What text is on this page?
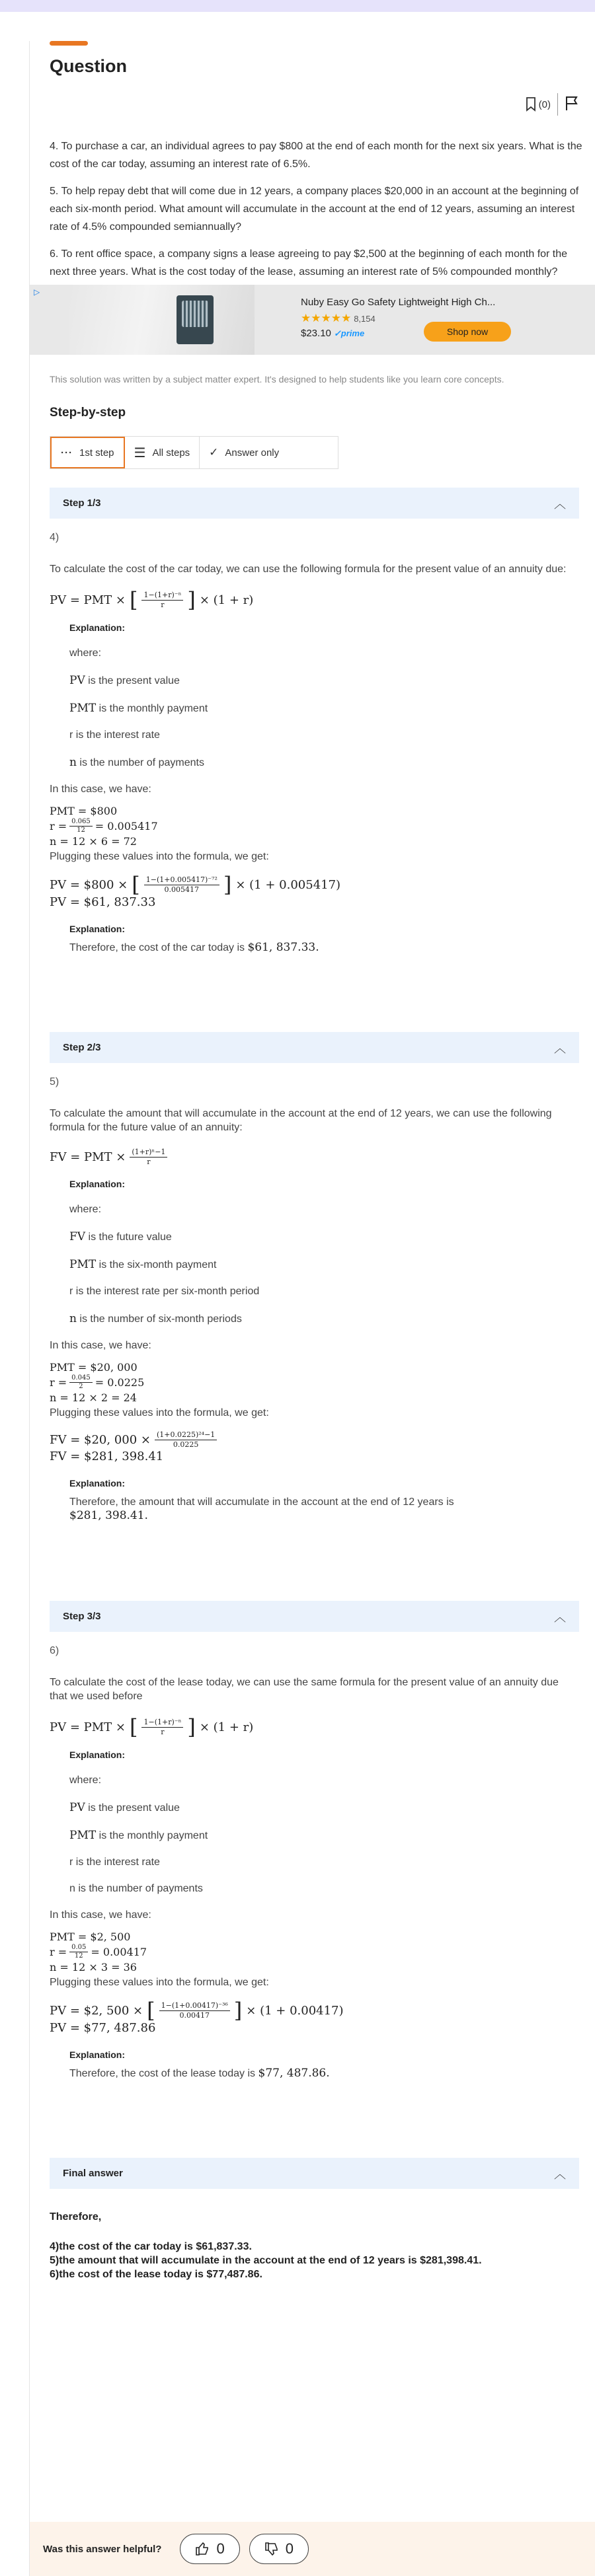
Question
(0)

4. To purchase a car, an individual agrees to pay $800 at the end of each month for the next six years. What is the cost of the car today, assuming an interest rate of 6.5%.

5. To help repay debt that will come due in 12 years, a company places $20,000 in an account at the beginning of each six-month period. What amount will accumulate in the account at the end of 12 years, assuming an interest rate of 4.5% compounded semiannually?

6. To rent office space, a company signs a lease agreeing to pay $2,500 at the beginning of each month for the next three years. What is the cost today of the lease, assuming an interest rate of 5% compounded monthly?

▷
Nuby Easy Go Safety Lightweight High Ch...
★★★★★ 8,154
$23.10 ✓prime	Shop now
This solution was written by a subject matter expert. It's designed to help students like you learn core concepts.
Step-by-step
··· 1st step ☰ All steps ✓ Answer only
Step 1/3	︿
4)
To calculate the cost of the car today, we can use the following formula for the present value of an annuity due:
PV = PMT × [ $\frac{\text{1−(1+r)⁻ⁿ}}{r}$ ] × (1 + r)
Explanation:
where:
PV is the present value
PMT is the monthly payment
r is the interest rate
n is the number of payments
In this case, we have:
PMT = $800
$r = \frac{0.065}{12} = 0.005417$
n = 12 × 6 = 72
Plugging these values into the formula, we get:
PV = $800 × [ $\frac{\text{1−(1+0.005417)⁻⁷²}}{0.005417}$ ] × (1 + 0.005417)
PV = $61, 837.33
Explanation:
Therefore, the cost of the car today is $61, 837.33.
Step 2/3	︿
5)
To calculate the amount that will accumulate in the account at the end of 12 years, we can use the following formula for the future value of an annuity:
FV = PMT × $\frac{\text{(1+r)ⁿ−1}}{r}$
Explanation:
where:
FV is the future value
PMT is the six-month payment
r is the interest rate per six-month period
n is the number of six-month periods
In this case, we have:
PMT = $20, 000
$r = \frac{0.045}{2} = 0.0225$
n = 12 × 2 = 24
Plugging these values into the formula, we get:
FV = $20, $000 \times \frac{\text{(1+0.0225)²⁴−1}}{0.0225}$
FV = $281, 398.41
Explanation:
Therefore, the amount that will accumulate in the account at the end of 12 years is
$281, 398.41.
Step 3/3	︿
6)
To calculate the cost of the lease today, we can use the same formula for the present value of an annuity due that we used before
PV = PMT × [ $\frac{\text{1−(1+r)⁻ⁿ}}{r}$ ] × (1 + r)
Explanation:
where:
PV is the present value
PMT is the monthly payment
r is the interest rate
n is the number of payments
In this case, we have:
PMT = $2, 500
$r = \frac{0.05}{12} = 0.00417$
n = 12 × 3 = 36
Plugging these values into the formula, we get:
PV = $2, 500 × [ $\frac{\text{1−(1+0.00417)⁻³⁶}}{0.00417}$ ] × (1 + 0.00417)
PV = $77, 487.86
Explanation:
Therefore, the cost of the lease today is $77, 487.86.
Final answer	︿

Therefore,

4)the cost of the car today is $61,837.33.

5)the amount that will accumulate in the account at the end of 12 years is $281,398.41.

6)the cost of the lease today is $77,487.86.

Was this answer helpful?	0	0
